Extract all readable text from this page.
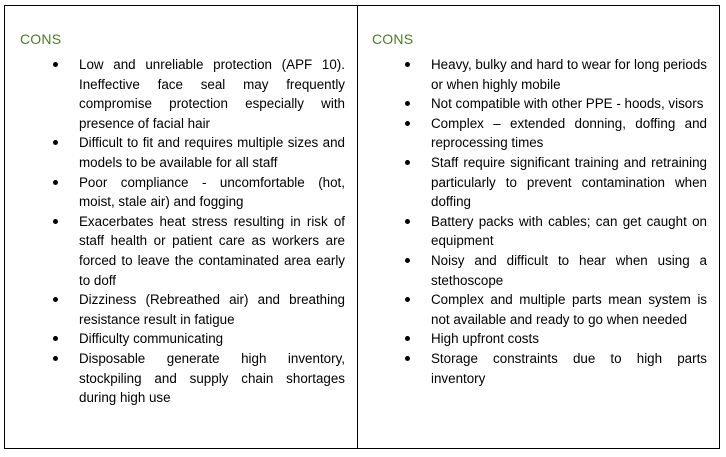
CONS
Low and unreliable protection (APF 10). Ineffective face seal may frequently compromise protection especially with presence of facial hair
Difficult to fit and requires multiple sizes and models to be available for all staff
Poor compliance - uncomfortable (hot, moist, stale air) and fogging
Exacerbates heat stress resulting in risk of staff health or patient care as workers are forced to leave the contaminated area early to doff
Dizziness (Rebreathed air) and breathing resistance result in fatigue
Difficulty communicating
Disposable generate high inventory, stockpiling and supply chain shortages during high use
CONS
Heavy, bulky and hard to wear for long periods or when highly mobile
Not compatible with other PPE - hoods, visors
Complex – extended donning, doffing and reprocessing times
Staff require significant training and retraining particularly to prevent contamination when doffing
Battery packs with cables; can get caught on equipment
Noisy and difficult to hear when using a stethoscope
Complex and multiple parts mean system is not available and ready to go when needed
High upfront costs
Storage constraints due to high parts inventory
